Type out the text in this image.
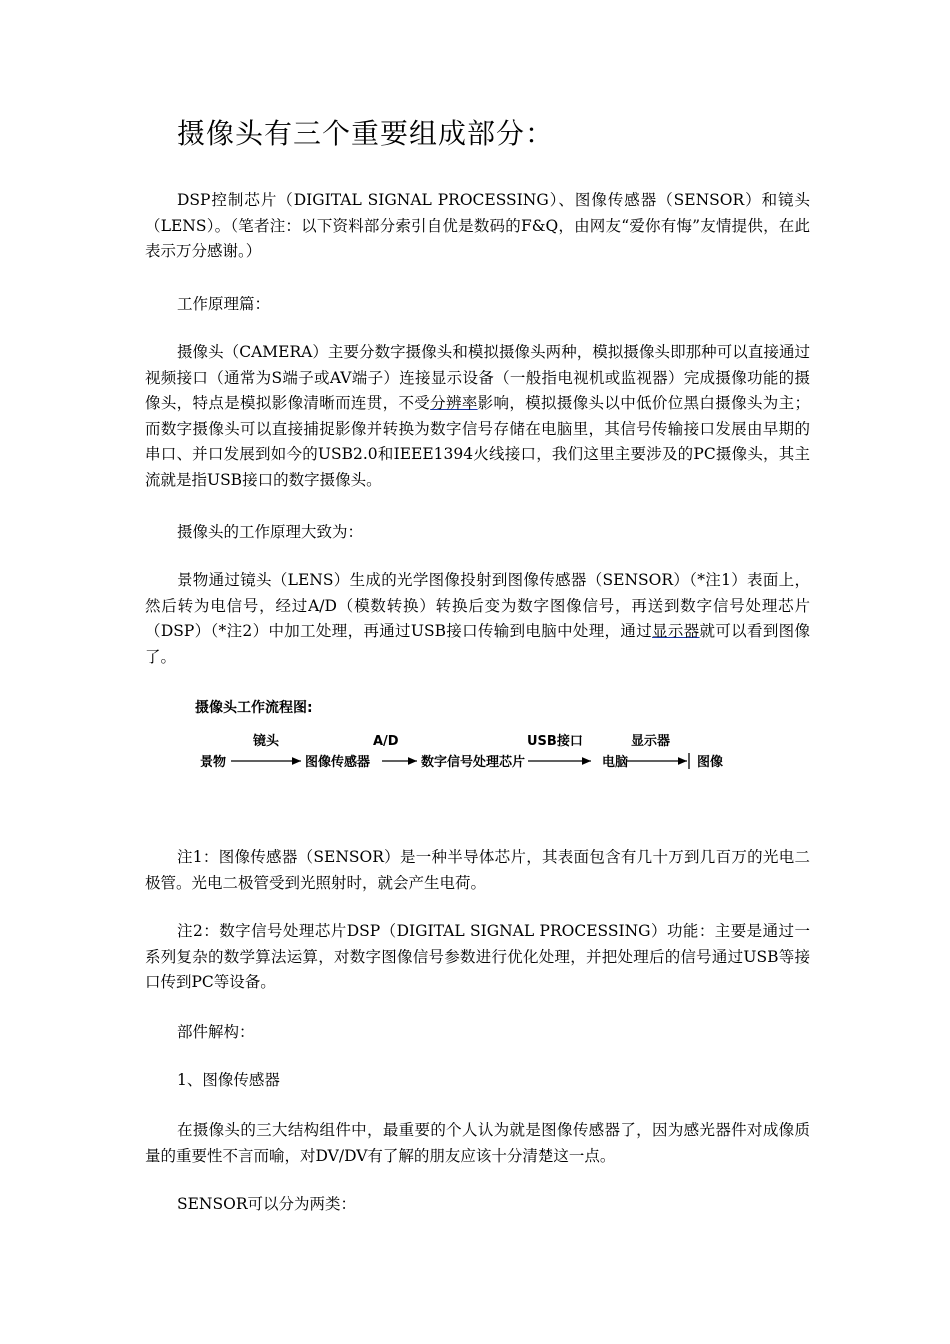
摄像头有三个重要组成部分：

DSP控制芯片（DIGITAL SIGNAL PROCESSING）、图像传感器（SENSOR）和镜头（LENS）。（笔者注：以下资料部分索引自优是数码的F&Q，由网友“爱你有悔”友情提供，在此表示万分感谢。）

工作原理篇：

摄像头（CAMERA）主要分数字摄像头和模拟摄像头两种，模拟摄像头即那种可以直接通过视频接口（通常为S端子或AV端子）连接显示设备（一般指电视机或监视器）完成摄像功能的摄像头，特点是模拟影像清晰而连贯，不受分辨率影响，模拟摄像头以中低价位黑白摄像头为主；而数字摄像头可以直接捕捉影像并转换为数字信号存储在电脑里，其信号传输接口发展由早期的串口、并口发展到如今的USB2.0和IEEE1394火线接口，我们这里主要涉及的PC摄像头，其主流就是指USB接口的数字摄像头。

摄像头的工作原理大致为：

景物通过镜头（LENS）生成的光学图像投射到图像传感器（SENSOR）（*注1）表面上，然后转为电信号，经过A/D（模数转换）转换后变为数字图像信号，再送到数字信号处理芯片（DSP）（*注2）中加工处理，再通过USB接口传输到电脑中处理，通过显示器就可以看到图像了。

摄像头工作流程图:
镜头	A/D	USB接口	显示器
景物	图像传感器	数字信号处理芯片	电脑	图像

注1：图像传感器（SENSOR）是一种半导体芯片，其表面包含有几十万到几百万的光电二极管。光电二极管受到光照射时，就会产生电荷。

注2：数字信号处理芯片DSP（DIGITAL SIGNAL PROCESSING）功能：主要是通过一系列复杂的数学算法运算，对数字图像信号参数进行优化处理，并把处理后的信号通过USB等接口传到PC等设备。

部件解构：

1、图像传感器

在摄像头的三大结构组件中，最重要的个人认为就是图像传感器了，因为感光器件对成像质量的重要性不言而喻，对DV/DV有了解的朋友应该十分清楚这一点。

SENSOR可以分为两类：
